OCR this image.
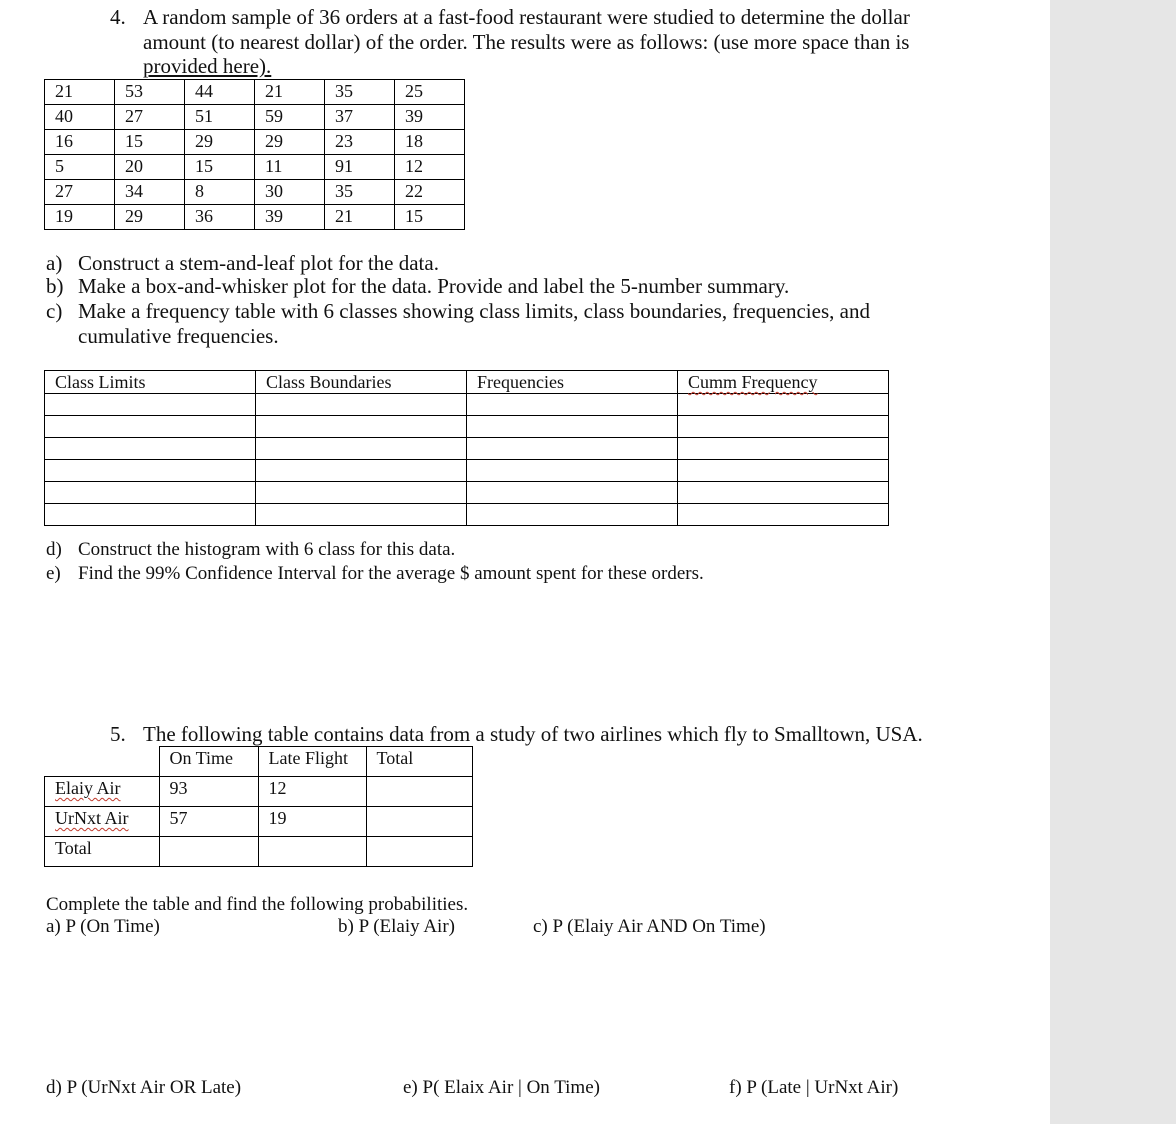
4. A random sample of 36 orders at a fast-food restaurant were studied to determine the dollar
amount (to nearest dollar) of the order. The results were as follows: (use more space than is
provided here).
21	53	44	21	35	25
40	27	51	59	37	39
16	15	29	29	23	18
5	20	15	11	91	12
27	34	8	30	35	22
19	29	36	39	21	15
a) Construct a stem-and-leaf plot for the data.
b) Make a box-and-whisker plot for the data. Provide and label the 5-number summary.
c) Make a frequency table with 6 classes showing class limits, class boundaries, frequencies, and
cumulative frequencies.
Class Limits	Class Boundaries	Frequencies	Cumm Frequency

d) Construct the histogram with 6 class for this data.
e) Find the 99% Confidence Interval for the average $ amount spent for these orders.
5. The following table contains data from a study of two airlines which fly to Smalltown, USA.
	On Time	Late Flight	Total
Elaiy Air	93	12	
UrNxt Air	57	19	
Total			
Complete the table and find the following probabilities.
a) P (On Time)	b) P (Elaiy Air)	c) P (Elaiy Air AND On Time)
d) P (UrNxt Air OR Late)	e) P( Elaix Air | On Time)	f) P (Late | UrNxt Air)
